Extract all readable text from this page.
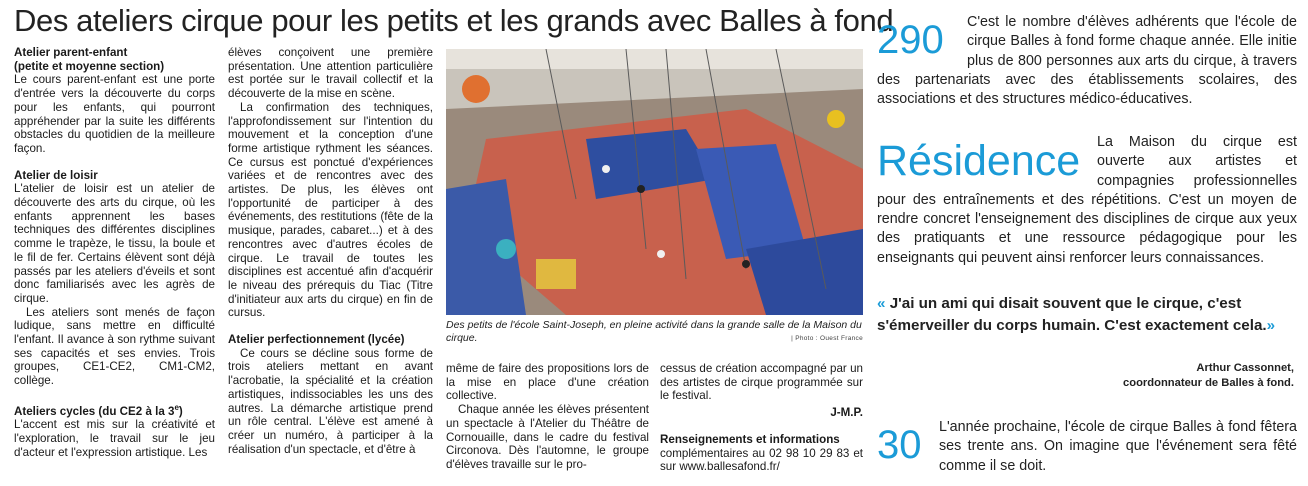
Des ateliers cirque pour les petits et les grands avec Balles à fond
Atelier parent-enfant
(petite et moyenne section)

Le cours parent-enfant est une porte d'entrée vers la découverte du corps pour les enfants, qui pourront appréhender par la suite les différents obstacles du quotidien de la meilleure façon.

Atelier de loisir

L'atelier de loisir est un atelier de découverte des arts du cirque, où les enfants apprennent les bases techniques des différentes disciplines comme le trapèze, le tissu, la boule et le fil de fer. Certains élèvent sont déjà passés par les ateliers d'éveils et sont donc familiarisés avec les agrès de cirque.

Les ateliers sont menés de façon ludique, sans mettre en difficulté l'enfant. Il avance à son rythme suivant ses capacités et ses envies. Trois groupes, CE1-CE2, CM1-CM2, collège.

Ateliers cycles (du CE2 à la 3e)

L'accent est mis sur la créativité et l'exploration, le travail sur le jeu d'acteur et l'expression artistique. Les

élèves conçoivent une première présentation. Une attention particulière est portée sur le travail collectif et la découverte de la mise en scène.

La confirmation des techniques, l'approfondissement sur l'intention du mouvement et la conception d'une forme artistique rythment les séances. Ce cursus est ponctué d'expériences variées et de rencontres avec des artistes. De plus, les élèves ont l'opportunité de participer à des événements, des restitutions (fête de la musique, parades, cabaret...) et à des rencontres avec d'autres écoles de cirque. Le travail de toutes les disciplines est accentué afin d'acquérir le niveau des prérequis du Tiac (Titre d'initiateur aux arts du cirque) en fin de cursus.

Atelier perfectionnement (lycée)

Ce cours se décline sous forme de trois ateliers mettant en avant l'acrobatie, la spécialité et la création artistiques, indissociables les uns des autres. La démarche artistique prend un rôle central. L'élève est amené à créer un numéro, à participer à la réalisation d'un spectacle, et d'être à

Des petits de l'école Saint-Joseph, en pleine activité dans la grande salle de la Maison du cirque.	| Photo : Ouest France

même de faire des propositions lors de la mise en place d'une création collective.

Chaque année les élèves présentent un spectacle à l'Atelier du Théâtre de Cornouaille, dans le cadre du festival Circonova. Dès l'automne, le groupe d'élèves travaille sur le pro-

cessus de création accompagné par un des artistes de cirque programmée sur le festival.

J-M.P.

Renseignements et informations

complémentaires au 02 98 10 29 83 et sur www.ballesafond.fr/

290	C'est le nombre d'élèves adhérents que l'école de cirque Balles à fond forme chaque année. Elle initie plus de 800 personnes aux arts du cirque, à travers des partenariats avec des établissements scolaires, des associations et des structures médico-éducatives.

Résidence	La Maison du cirque est ouverte aux artistes et compagnies professionnelles pour des entraînements et des répétitions. C'est un moyen de rendre concret l'enseignement des disciplines de cirque aux yeux des pratiquants et une ressource pédagogique pour les enseignants qui peuvent ainsi renforcer leurs connaissances.

« J'ai un ami qui disait souvent que le cirque, c'est s'émerveiller du corps humain. C'est exactement cela.»
Arthur Cassonnet,
coordonnateur de Balles à fond.
30	L'année prochaine, l'école de cirque Balles à fond fêtera ses trente ans. On imagine que l'événement sera fêté comme il se doit.
